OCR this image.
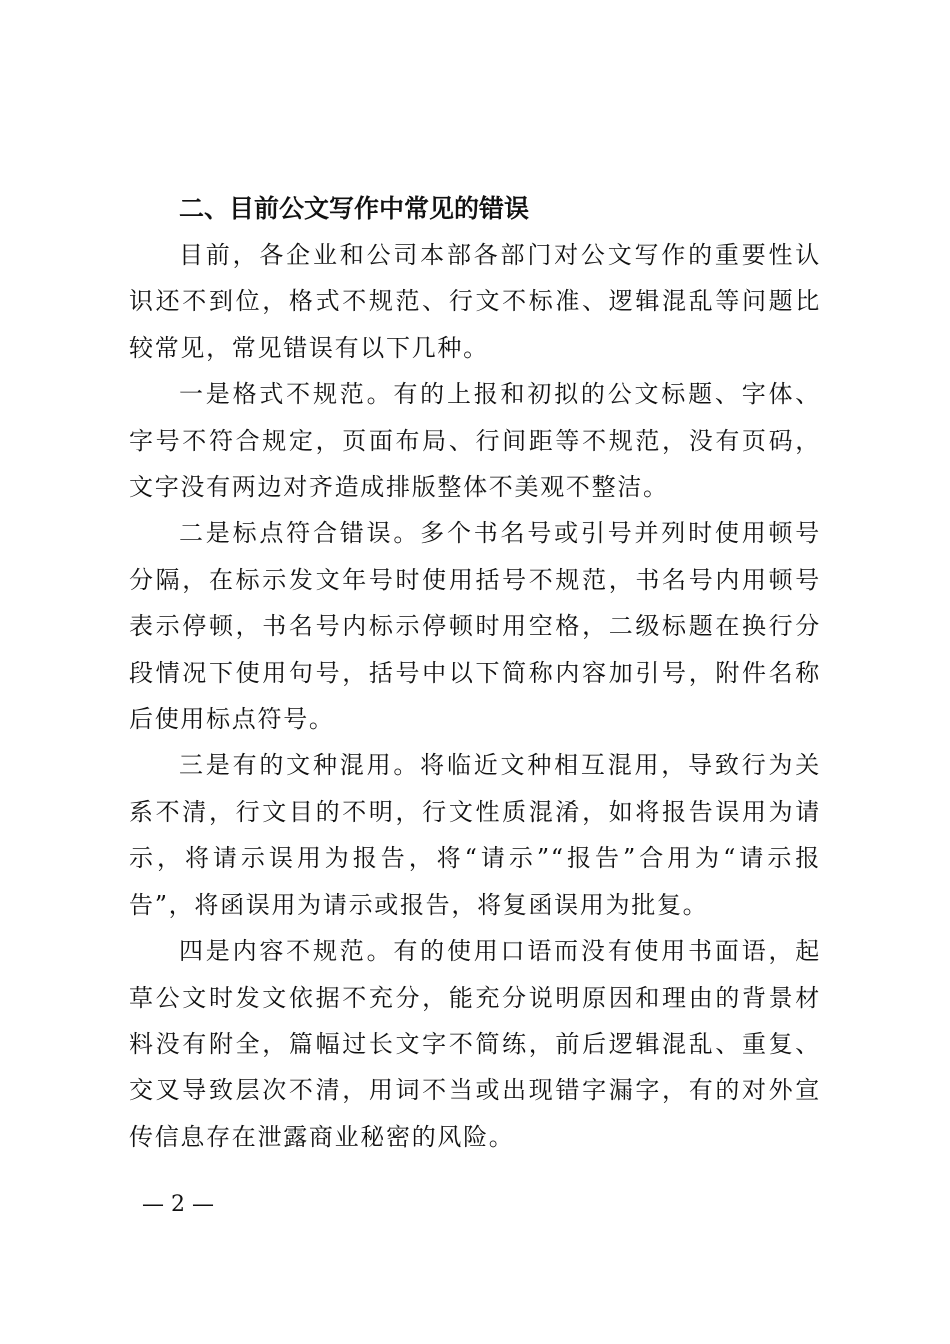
二、目前公文写作中常见的错误

目前，各企业和公司本部各部门对公文写作的重要性认识还不到位，格式不规范、行文不标准、逻辑混乱等问题比较常见，常见错误有以下几种。

一是格式不规范。有的上报和初拟的公文标题、字体、字号不符合规定，页面布局、行间距等不规范，没有页码，文字没有两边对齐造成排版整体不美观不整洁。

二是标点符合错误。多个书名号或引号并列时使用顿号分隔，在标示发文年号时使用括号不规范，书名号内用顿号表示停顿，书名号内标示停顿时用空格，二级标题在换行分段情况下使用句号，括号中以下简称内容加引号，附件名称后使用标点符号。

三是有的文种混用。将临近文种相互混用，导致行为关系不清，行文目的不明，行文性质混淆，如将报告误用为请示，将请示误用为报告，将“请示”“报告”合用为“请示报告”，将函误用为请示或报告，将复函误用为批复。

四是内容不规范。有的使用口语而没有使用书面语，起草公文时发文依据不充分，能充分说明原因和理由的背景材料没有附全，篇幅过长文字不简练，前后逻辑混乱、重复、交叉导致层次不清，用词不当或出现错字漏字，有的对外宣传信息存在泄露商业秘密的风险。

— 2 —
